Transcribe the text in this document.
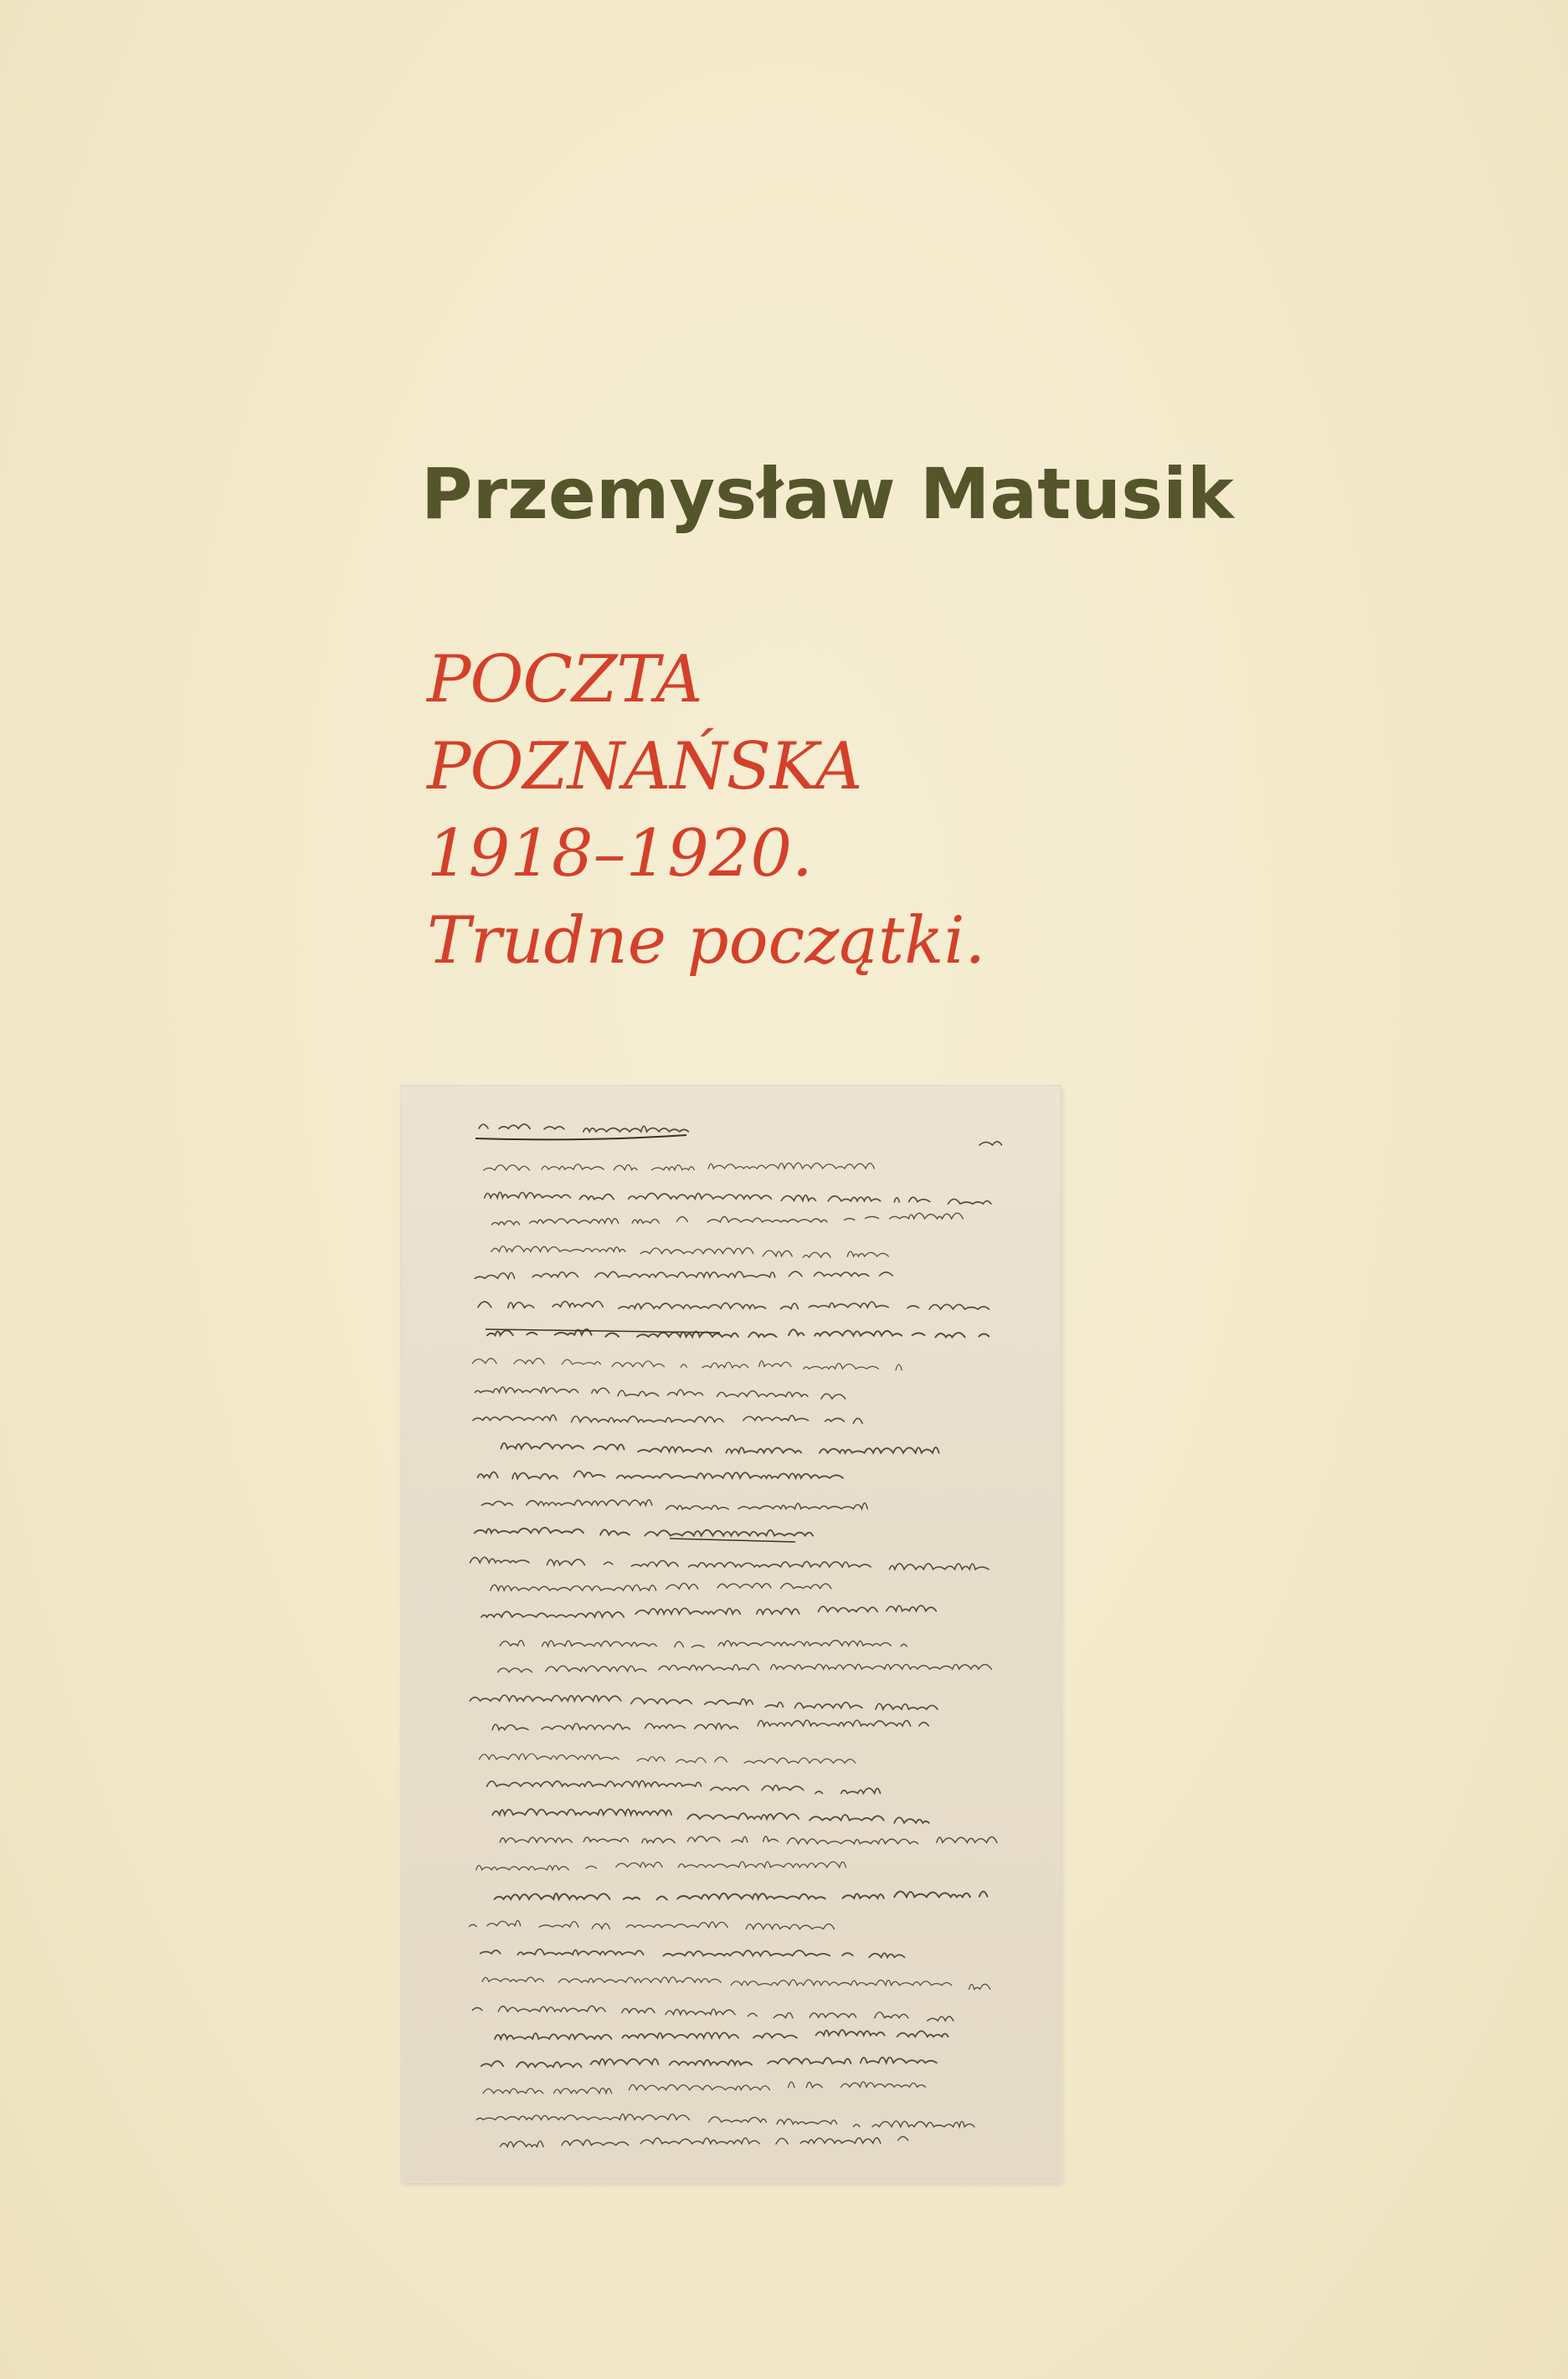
Przemysław Matusik
POCZTA
POZNAŃSKA
1918–1920.
Trudne początki.
